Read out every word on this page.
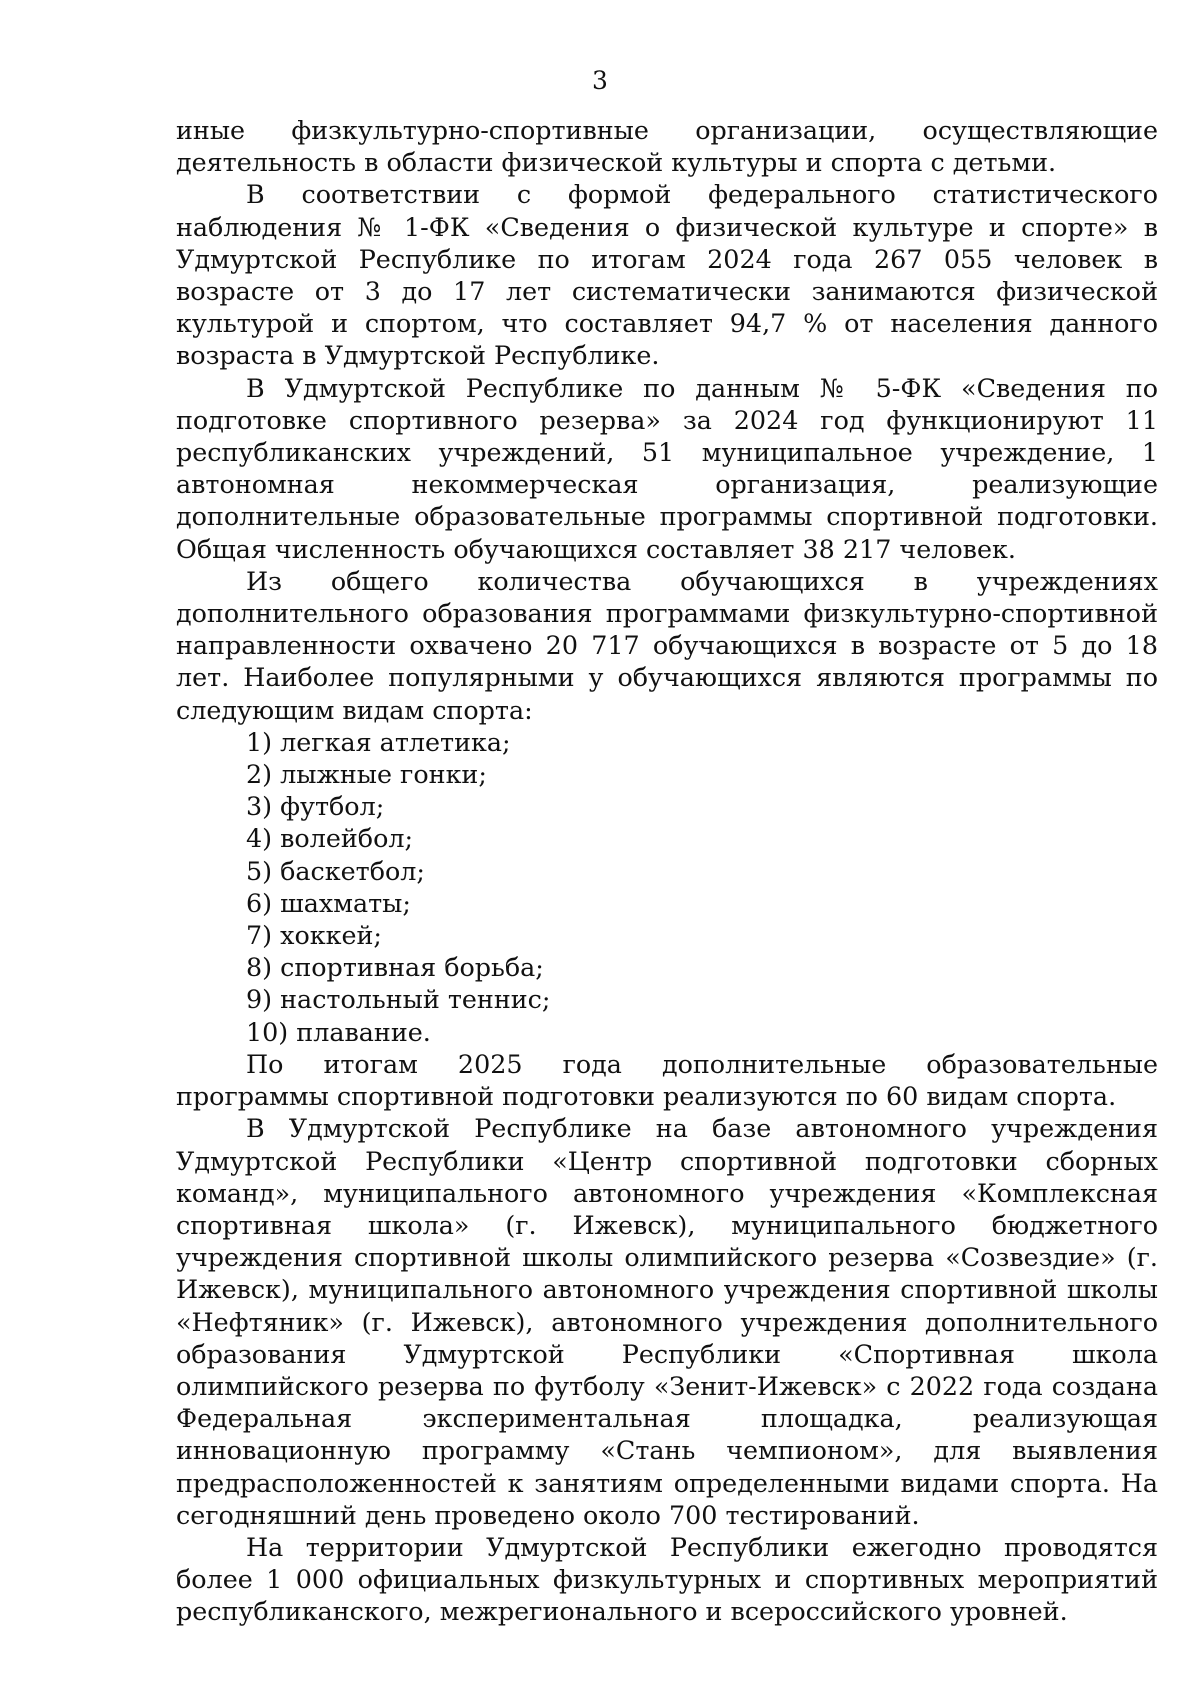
3

иные физкультурно-спортивные организации, осуществляющие деятельность в области физической культуры и спорта с детьми.

В соответствии с формой федерального статистического наблюдения № 1-ФК «Сведения о физической культуре и спорте» в Удмуртской Республике по итогам 2024 года 267 055 человек в возрасте от 3 до 17 лет систематически занимаются физической культурой и спортом, что составляет 94,7 % от населения данного возраста в Удмуртской Республике.

В Удмуртской Республике по данным № 5-ФК «Сведения по подготовке спортивного резерва» за 2024 год функционируют 11 республиканских учреждений, 51 муниципальное учреждение, 1 автономная некоммерческая организация, реализующие дополнительные образовательные программы спортивной подготовки. Общая численность обучающихся составляет 38 217 человек.

Из общего количества обучающихся в учреждениях дополнительного образования программами физкультурно-спортивной направленности охвачено 20 717 обучающихся в возрасте от 5 до 18 лет. Наиболее популярными у обучающихся являются программы по следующим видам спорта:

1) легкая атлетика;
2) лыжные гонки;
3) футбол;
4) волейбол;
5) баскетбол;
6) шахматы;
7) хоккей;
8) спортивная борьба;
9) настольный теннис;
10) плавание.

По итогам 2025 года дополнительные образовательные программы спортивной подготовки реализуются по 60 видам спорта.

В Удмуртской Республике на базе автономного учреждения Удмуртской Республики «Центр спортивной подготовки сборных команд», муниципального автономного учреждения «Комплексная спортивная школа» (г. Ижевск), муниципального бюджетного учреждения спортивной школы олимпийского резерва «Созвездие» (г. Ижевск), муниципального автономного учреждения спортивной школы «Нефтяник» (г. Ижевск), автономного учреждения дополнительного образования Удмуртской Республики «Спортивная школа олимпийского резерва по футболу «Зенит-Ижевск» с 2022 года создана Федеральная экспериментальная площадка, реализующая инновационную программу «Стань чемпионом», для выявления предрасположенностей к занятиям определенными видами спорта. На сегодняшний день проведено около 700 тестирований.

На территории Удмуртской Республики ежегодно проводятся более 1 000 официальных физкультурных и спортивных мероприятий республиканского, межрегионального и всероссийского уровней.
